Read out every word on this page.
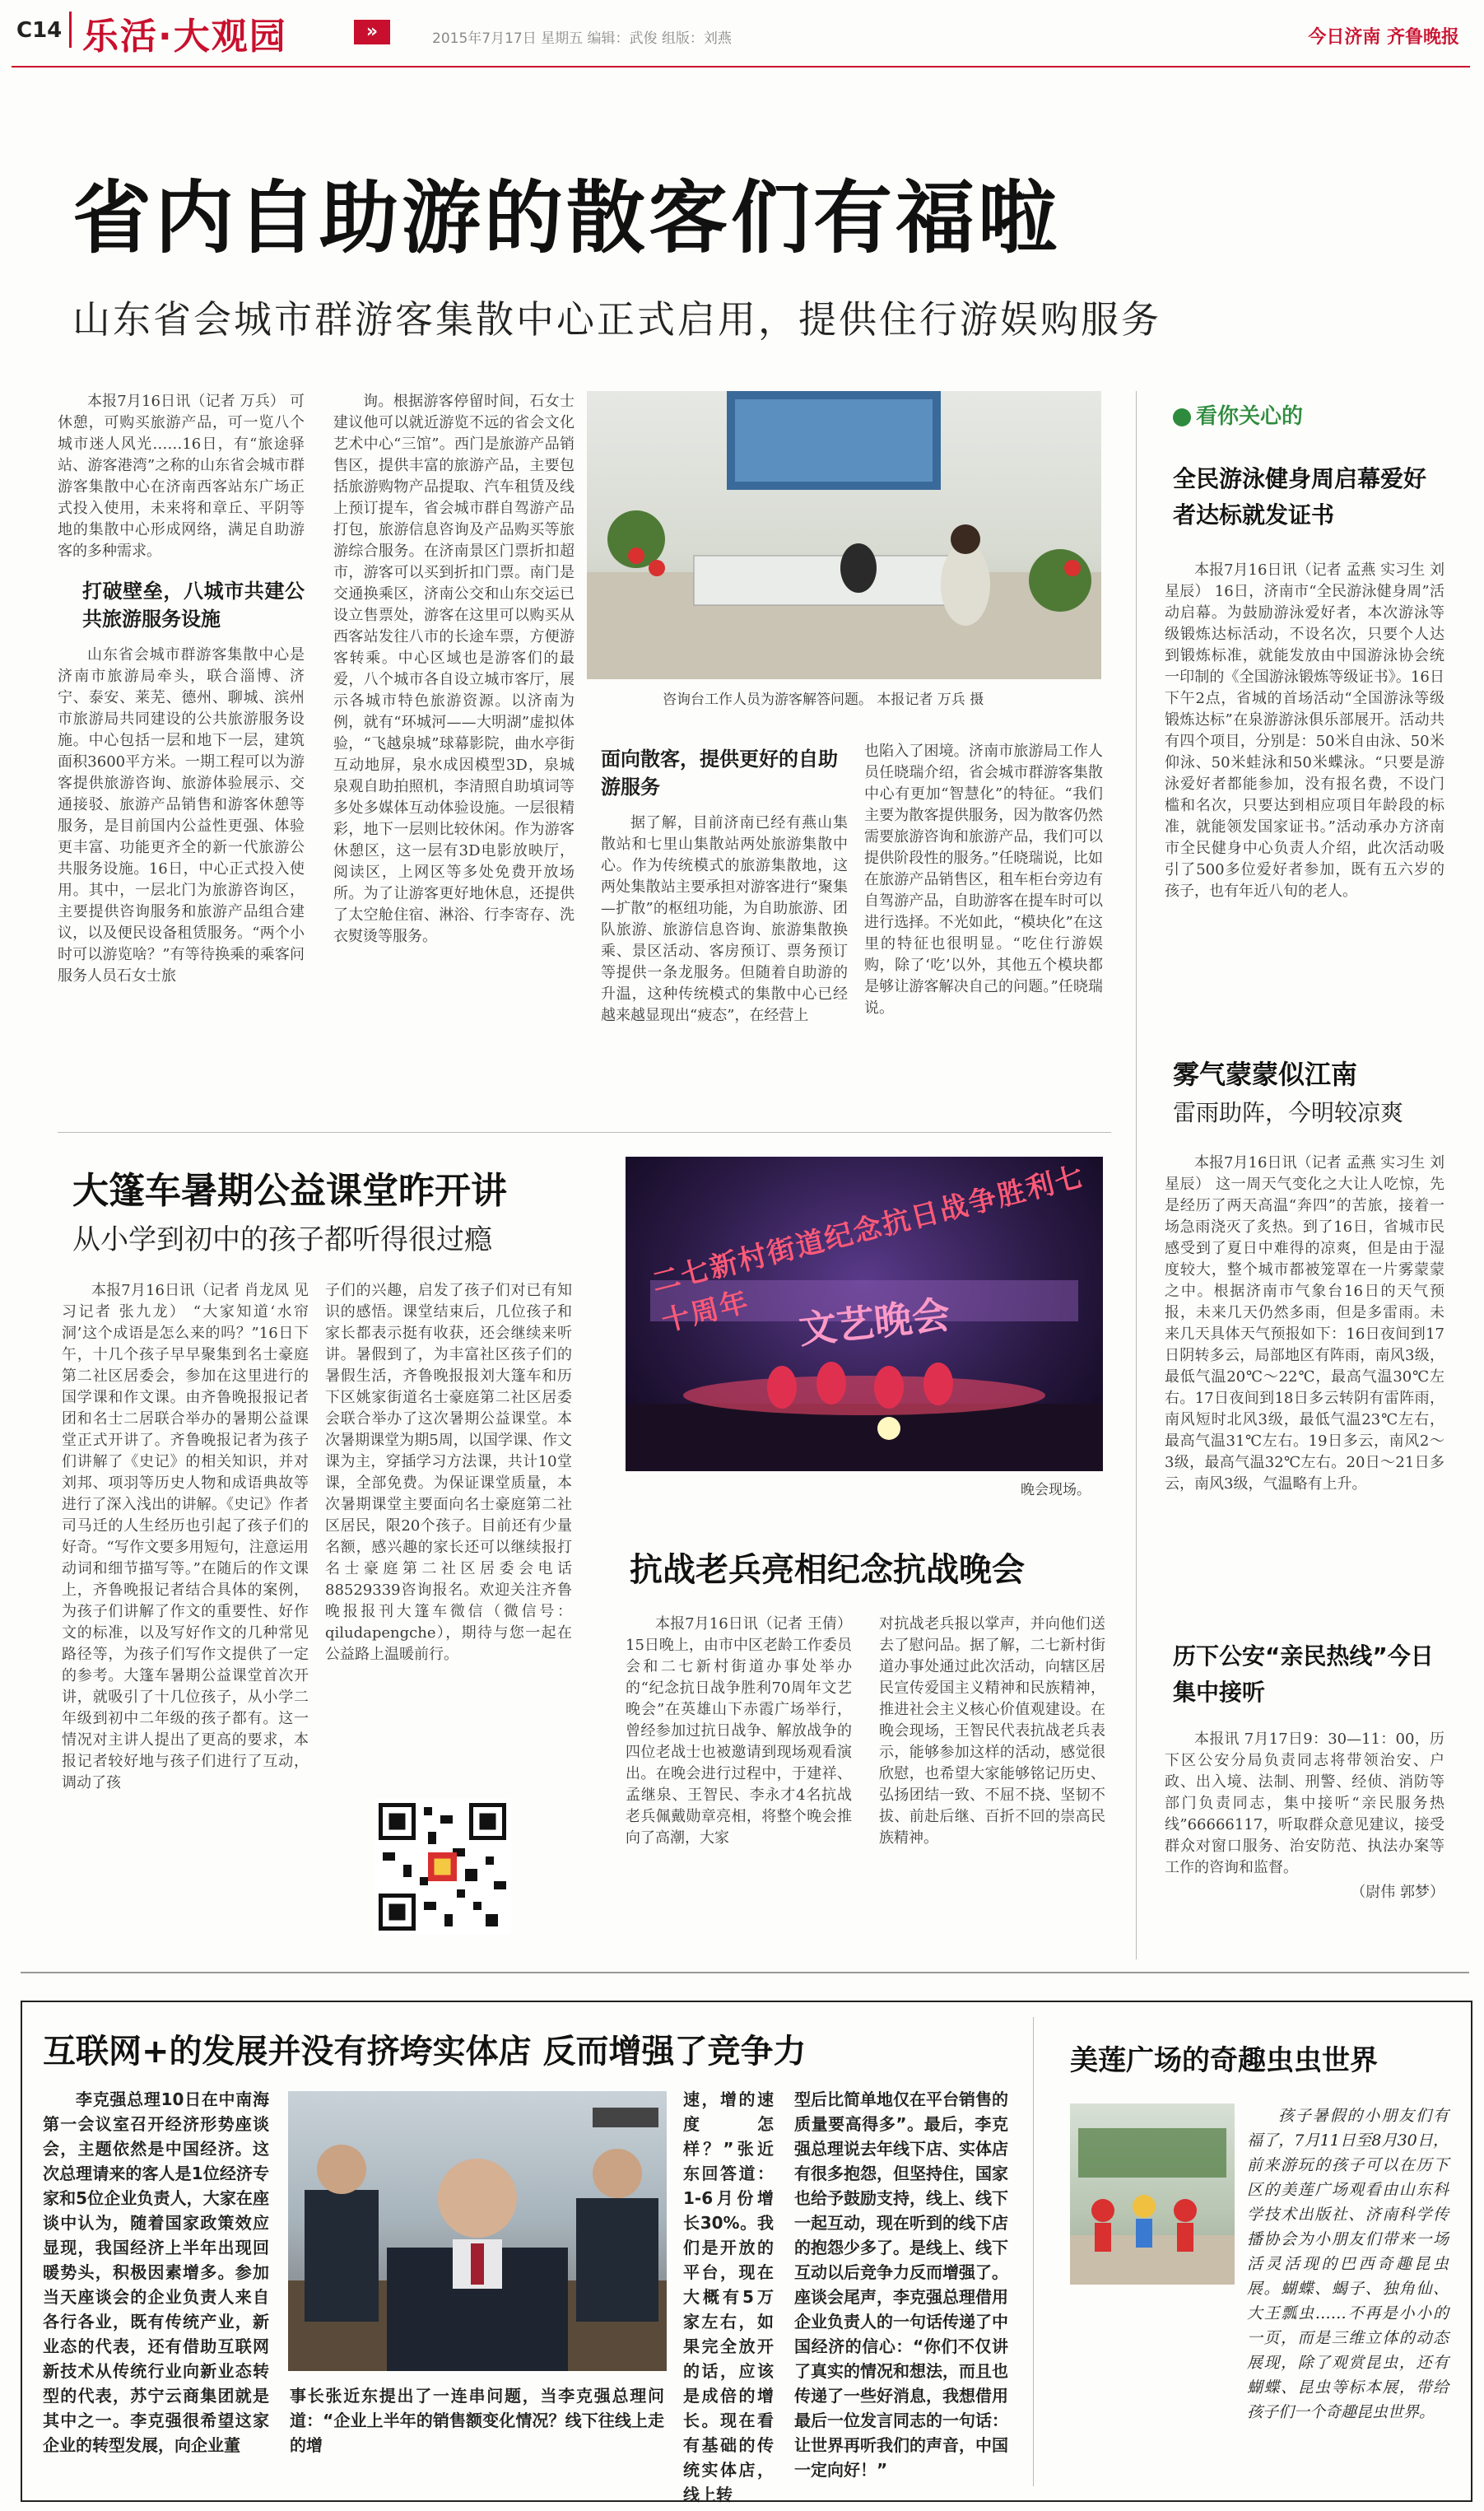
C14 乐活·大观园	»	2015年7月17日 星期五 编辑：武俊 组版：刘燕	今日济南 齐鲁晚报
省内自助游的散客们有福啦
山东省会城市群游客集散中心正式启用，提供住行游娱购服务

本报7月16日讯（记者 万兵） 可休憩，可购买旅游产品，可一览八个城市迷人风光……16日，有“旅途驿站、游客港湾”之称的山东省会城市群游客集散中心在济南西客站东广场正式投入使用，未来将和章丘、平阴等地的集散中心形成网络，满足自助游客的多种需求。

打破壁垒，八城市共建公共旅游服务设施

山东省会城市群游客集散中心是济南市旅游局牵头，联合淄博、济宁、泰安、莱芜、德州、聊城、滨州市旅游局共同建设的公共旅游服务设施。中心包括一层和地下一层，建筑面积3600平方米。一期工程可以为游客提供旅游咨询、旅游体验展示、交通接驳、旅游产品销售和游客休憩等服务，是目前国内公益性更强、体验更丰富、功能更齐全的新一代旅游公共服务设施。16日，中心正式投入使用。其中，一层北门为旅游咨询区，主要提供咨询服务和旅游产品组合建议，以及便民设备租赁服务。“两个小时可以游览啥？”有等待换乘的乘客问服务人员石女士旅

询。根据游客停留时间，石女士建议他可以就近游览不远的省会文化艺术中心“三馆”。西门是旅游产品销售区，提供丰富的旅游产品，主要包括旅游购物产品提取、汽车租赁及线上预订提车，省会城市群自驾游产品打包，旅游信息咨询及产品购买等旅游综合服务。在济南景区门票折扣超市，游客可以买到折扣门票。南门是交通换乘区，济南公交和山东交运已设立售票处，游客在这里可以购买从西客站发往八市的长途车票，方便游客转乘。中心区域也是游客们的最爱，八个城市各自设立城市客厅，展示各城市特色旅游资源。以济南为例，就有“环城河——大明湖”虚拟体验，“飞越泉城”球幕影院，曲水亭街互动地屏，泉水成因模型3D，泉城泉观自助拍照机，李清照自助填词等多处多媒体互动体验设施。一层很精彩，地下一层则比较休闲。作为游客休憩区，这一层有3D电影放映厅，阅读区，上网区等多处免费开放场所。为了让游客更好地休息，还提供了太空舱住宿、淋浴、行李寄存、洗衣熨烫等服务。

咨询台工作人员为游客解答问题。 本报记者 万兵 摄
面向散客，提供更好的自助游服务

据了解，目前济南已经有燕山集散站和七里山集散站两处旅游集散中心。作为传统模式的旅游集散地，这两处集散站主要承担对游客进行“聚集—扩散”的枢纽功能，为自助旅游、团队旅游、旅游信息咨询、旅游集散换乘、景区活动、客房预订、票务预订等提供一条龙服务。但随着自助游的升温，这种传统模式的集散中心已经越来越显现出“疲态”，在经营上

也陷入了困境。济南市旅游局工作人员任晓瑞介绍，省会城市群游客集散中心有更加“智慧化”的特征。“我们主要为散客提供服务，因为散客仍然需要旅游咨询和旅游产品，我们可以提供阶段性的服务。”任晓瑞说，比如在旅游产品销售区，租车柜台旁边有自驾游产品，自助游客在提车时可以进行选择。不光如此，“模块化”在这里的特征也很明显。“吃住行游娱购，除了‘吃’以外，其他五个模块都是够让游客解决自己的问题。”任晓瑞说。

大篷车暑期公益课堂昨开讲
从小学到初中的孩子都听得很过瘾

本报7月16日讯（记者 肖龙凤 见习记者 张九龙） “大家知道‘水帘洞’这个成语是怎么来的吗？”16日下午，十几个孩子早早聚集到名士豪庭第二社区居委会，参加在这里进行的国学课和作文课。由齐鲁晚报报记者团和名士二居联合举办的暑期公益课堂正式开讲了。齐鲁晚报记者为孩子们讲解了《史记》的相关知识，并对刘邦、项羽等历史人物和成语典故等进行了深入浅出的讲解。《史记》作者司马迁的人生经历也引起了孩子们的好奇。“写作文要多用短句，注意运用动词和细节描写等。”在随后的作文课上，齐鲁晚报记者结合具体的案例，为孩子们讲解了作文的重要性、好作文的标准，以及写好作文的几种常见路径等，为孩子们写作文提供了一定的参考。大篷车暑期公益课堂首次开讲，就吸引了十几位孩子，从小学二年级到初中二年级的孩子都有。这一情况对主讲人提出了更高的要求，本报记者较好地与孩子们进行了互动，调动了孩

子们的兴趣，启发了孩子们对已有知识的感悟。课堂结束后，几位孩子和家长都表示挺有收获，还会继续来听讲。暑假到了，为丰富社区孩子们的暑假生活，齐鲁晚报报刘大篷车和历下区姚家街道名士豪庭第二社区居委会联合举办了这次暑期公益课堂。本次暑期课堂为期5周，以国学课、作文课为主，穿插学习方法课，共计10堂课，全部免费。为保证课堂质量，本次暑期课堂主要面向名士豪庭第二社区居民，限20个孩子。目前还有少量名额，感兴趣的家长还可以继续报打名士豪庭第二社区居委会电话88529339咨询报名。欢迎关注齐鲁晚报报刊大篷车微信（微信号：qiludapengche），期待与您一起在公益路上温暖前行。

二七新村街道纪念抗日战争胜利七十周年	文艺晚会
晚会现场。
抗战老兵亮相纪念抗战晚会

本报7月16日讯（记者 王倩） 15日晚上，由市中区老龄工作委员会和二七新村街道办事处举办的“纪念抗日战争胜利70周年文艺晚会”在英雄山下赤霞广场举行，曾经参加过抗日战争、解放战争的四位老战士也被邀请到现场观看演出。在晚会进行过程中，于建祥、孟继泉、王智民、李永才4名抗战老兵佩戴勋章亮相，将整个晚会推向了高潮，大家

对抗战老兵报以掌声，并向他们送去了慰问品。据了解，二七新村街道办事处通过此次活动，向辖区居民宣传爱国主义精神和民族精神，推进社会主义核心价值观建设。在晚会现场，王智民代表抗战老兵表示，能够参加这样的活动，感觉很欣慰，也希望大家能够铭记历史、弘扬团结一致、不屈不挠、坚韧不拔、前赴后继、百折不回的崇高民族精神。

看你关心的
全民游泳健身周启幕爱好者达标就发证书

本报7月16日讯（记者 孟燕 实习生 刘星辰） 16日，济南市“全民游泳健身周”活动启幕。为鼓励游泳爱好者，本次游泳等级锻炼达标活动，不设名次，只要个人达到锻炼标准，就能发放由中国游泳协会统一印制的《全国游泳锻炼等级证书》。16日下午2点，省城的首场活动“全国游泳等级锻炼达标”在泉游游泳俱乐部展开。活动共有四个项目，分别是：50米自由泳、50米仰泳、50米蛙泳和50米蝶泳。“只要是游泳爱好者都能参加，没有报名费，不设门槛和名次，只要达到相应项目年龄段的标准，就能领发国家证书。”活动承办方济南市全民健身中心负责人介绍，此次活动吸引了500多位爱好者参加，既有五六岁的孩子，也有年近八旬的老人。

雾气蒙蒙似江南
雷雨助阵，今明较凉爽

本报7月16日讯（记者 孟燕 实习生 刘星辰） 这一周天气变化之大让人吃惊，先是经历了两天高温“奔四”的苦旅，接着一场急雨浇灭了炙热。到了16日，省城市民感受到了夏日中难得的凉爽，但是由于湿度较大，整个城市都被笼罩在一片雾蒙蒙之中。根据济南市气象台16日的天气预报，未来几天仍然多雨，但是多雷雨。未来几天具体天气预报如下：16日夜间到17日阴转多云，局部地区有阵雨，南风3级，最低气温20℃～22℃，最高气温30℃左右。17日夜间到18日多云转阴有雷阵雨，南风短时北风3级，最低气温23℃左右，最高气温31℃左右。19日多云，南风2～3级，最高气温32℃左右。20日～21日多云，南风3级，气温略有上升。

历下公安“亲民热线”今日集中接听

本报讯 7月17日9：30—11：00，历下区公安分局负责同志将带领治安、户政、出入境、法制、刑警、经侦、消防等部门负责同志，集中接听“亲民服务热线”66666117，听取群众意见建议，接受群众对窗口服务、治安防范、执法办案等工作的咨询和监督。

（尉伟 郭梦）
互联网+的发展并没有挤垮实体店 反而增强了竞争力

李克强总理10日在中南海第一会议室召开经济形势座谈会，主题依然是中国经济。这次总理请来的客人是1位经济专家和5位企业负责人，大家在座谈中认为，随着国家政策效应显现，我国经济上半年出现回暖势头，积极因素增多。参加当天座谈会的企业负责人来自各行各业，既有传统产业，新业态的代表，还有借助互联网新技术从传统行业向新业态转型的代表，苏宁云商集团就是其中之一。李克强很希望这家企业的转型发展，向企业董

事长张近东提出了一连串问题，当李克强总理问道：“企业上半年的销售额变化情况？线下往线上走的增

速，增的速度怎样？”张近东回答道：1-6月份增长30%。我们是开放的平台，现在大概有5万家左右，如果完全放开的话，应该是成倍的增长。现在看有基础的传统实体店，线上转

型后比简单地仅在平台销售的质量要高得多”。最后，李克强总理说去年线下店、实体店有很多抱怨，但坚持住，国家也给予鼓励支持，线上、线下一起互动，现在听到的线下店的抱怨少多了。是线上、线下互动以后竞争力反而增强了。座谈会尾声，李克强总理借用企业负责人的一句话传递了中国经济的信心：“你们不仅讲了真实的情况和想法，而且也传递了一些好消息，我想借用最后一位发言同志的一句话：让世界再听我们的声音，中国一定向好！”

美莲广场的奇趣虫虫世界

孩子暑假的小朋友们有福了，7月11日至8月30日，前来游玩的孩子可以在历下区的美莲广场观看由山东科学技术出版社、济南科学传播协会为小朋友们带来一场活灵活现的巴西奇趣昆虫展。蝴蝶、蝎子、独角仙、大王瓢虫……不再是小小的一页，而是三维立体的动态展现，除了观赏昆虫，还有蝴蝶、昆虫等标本展，带给孩子们一个奇趣昆虫世界。
